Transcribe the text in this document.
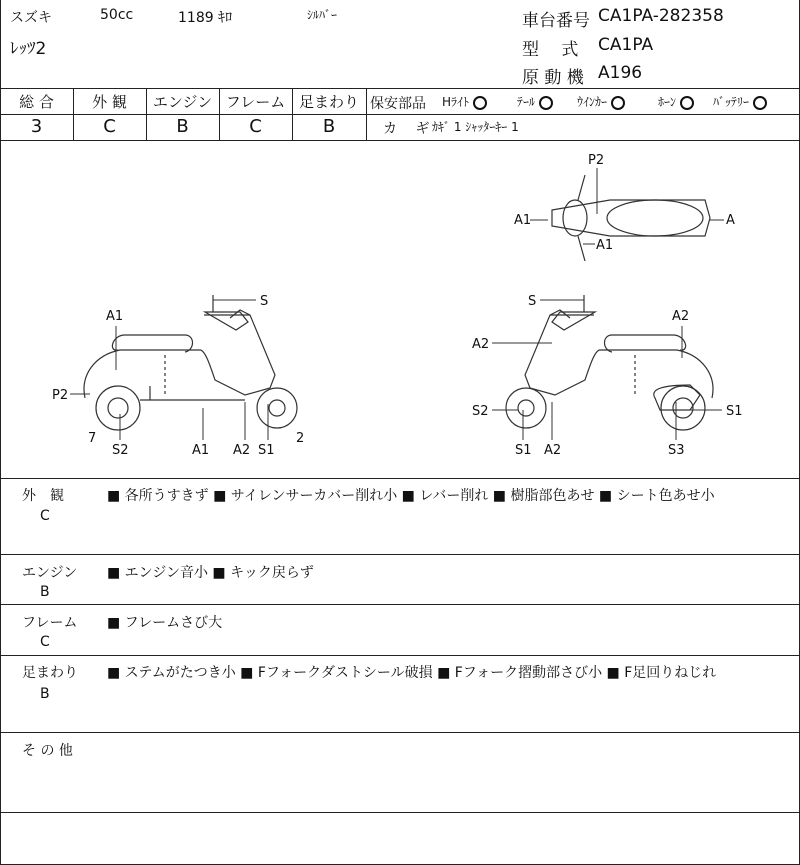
スズキ	50cc	1189 ｷﾛ	ｼﾙﾊﾞｰ
ﾚｯﾂ2
車台番号 CA1PA-282358
型　 式 CA1PA
原 動 機 A196
総 合	外 観	エンジン フレーム 足まわり
3	C	B	C	B
保安部品 Hﾗｲﾄ	ﾃｰﾙ	ｳｲﾝｶｰ	ﾎｰﾝ	ﾊﾞｯﾃﾘｰ
カ　 ギ ｶｷﾞ 1 ｼｬｯﾀｰｷｰ 1
P2
A1	A
A1
S
A1
P2
7
S2	A1 A2 S1
2
S
A2
A2
S2	S1
S1 A2	S3
外　観
C
■ 各所うすきず ■ サイレンサーカバー削れ小 ■ レバー削れ ■ 樹脂部色あせ ■ シート色あせ小
エンジン
B
■ エンジン音小 ■ キック戻らず
フレーム
C
■ フレームさび大
足まわり
B
■ ステムがたつき小 ■ Fフォークダストシール破損 ■ Fフォーク摺動部さび小 ■ F足回りねじれ
そ の 他
